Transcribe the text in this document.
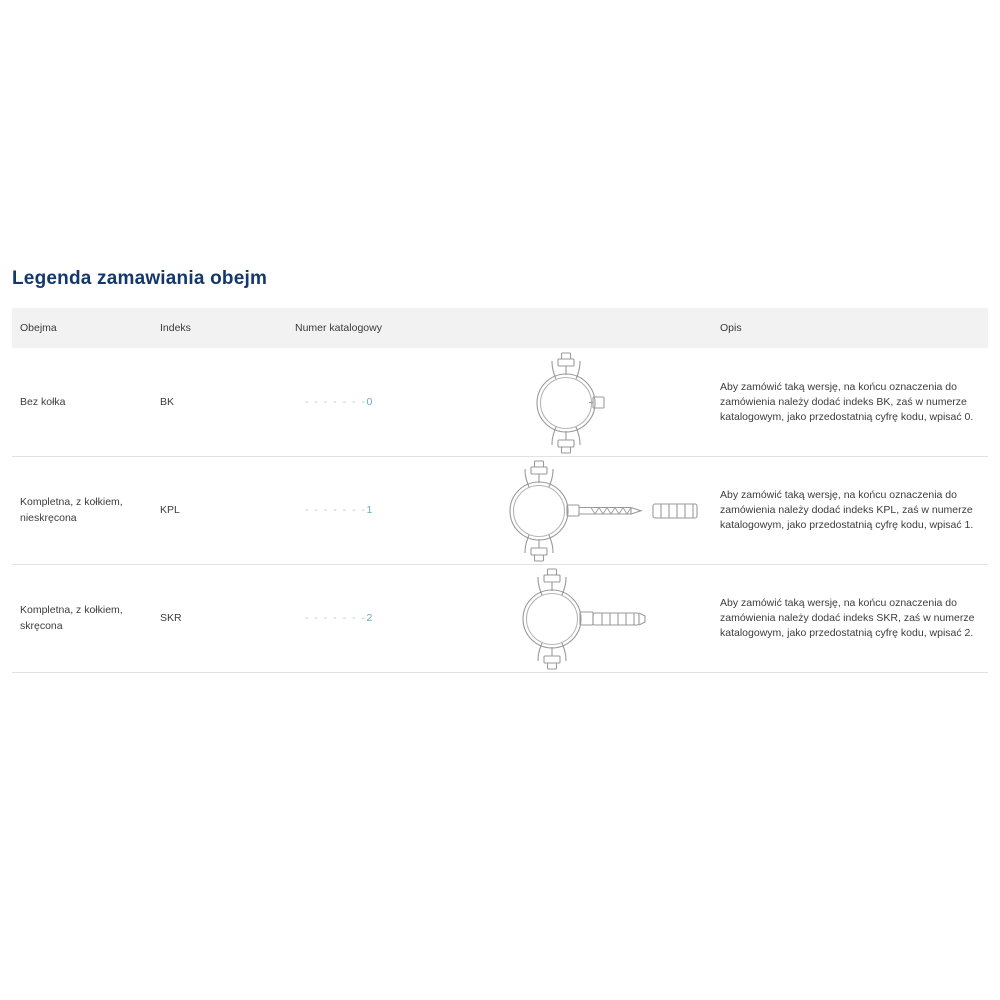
Legenda zamawiania obejm
Obejma	Indeks	Numer katalogowy		Opis
Bez kołka	BK	- - - - - - -0		Aby zamówić taką wersję, na końcu oznaczenia do zamówienia należy dodać indeks BK, zaś w numerze katalogowym, jako przedostatnią cyfrę kodu, wpisać 0.
Kompletna, z kołkiem, nieskręcona	KPL	- - - - - - -1		Aby zamówić taką wersję, na końcu oznaczenia do zamówienia należy dodać indeks KPL, zaś w numerze katalogowym, jako przedostatnią cyfrę kodu, wpisać 1.
Kompletna, z kołkiem, skręcona	SKR	- - - - - - -2		Aby zamówić taką wersję, na końcu oznaczenia do zamówienia należy dodać indeks SKR, zaś w numerze katalogowym, jako przedostatnią cyfrę kodu, wpisać 2.
